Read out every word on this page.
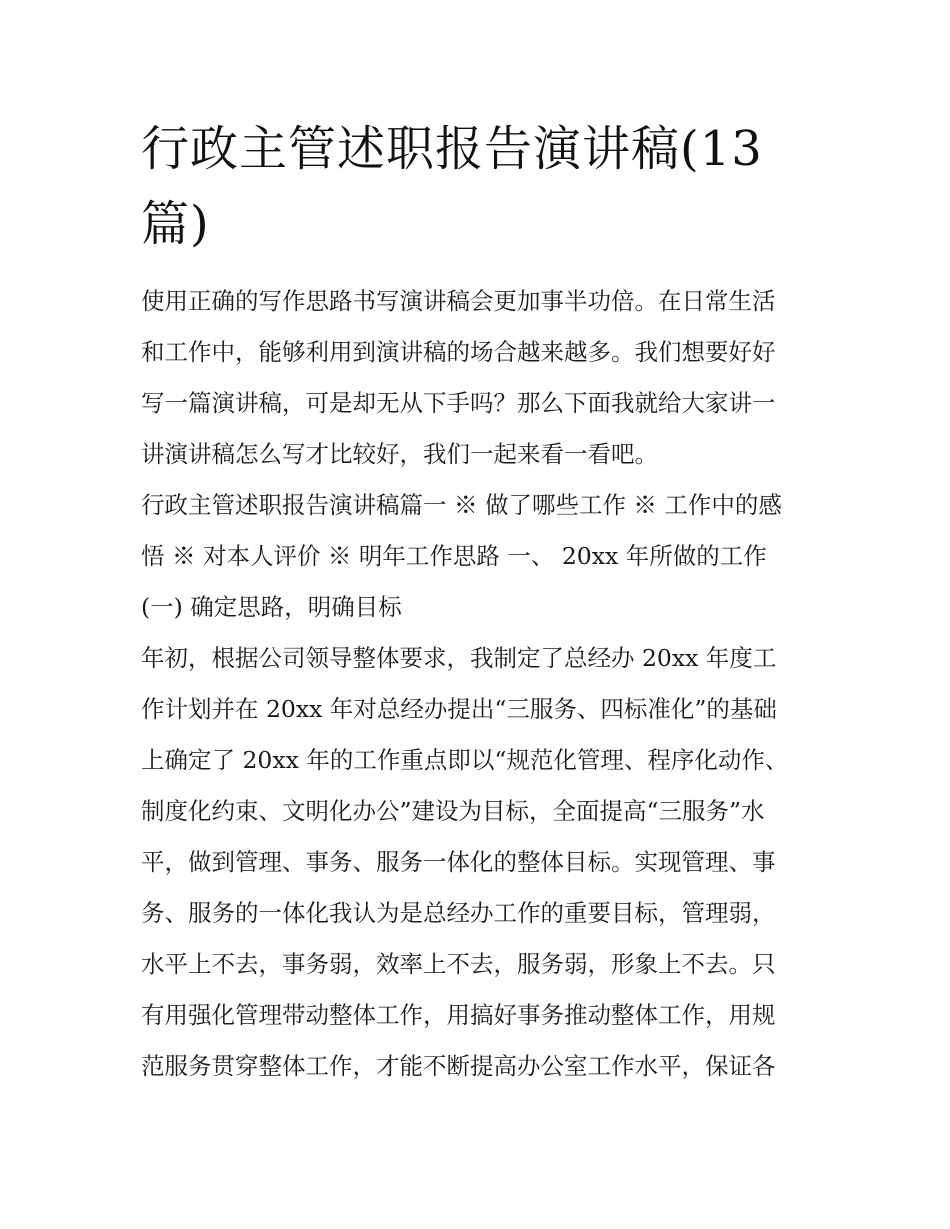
行政主管述职报告演讲稿(13
篇)

使用正确的写作思路书写演讲稿会更加事半功倍。在日常生活
和工作中，能够利用到演讲稿的场合越来越多。我们想要好好
写一篇演讲稿，可是却无从下手吗？那么下面我就给大家讲一
讲演讲稿怎么写才比较好，我们一起来看一看吧。

行政主管述职报告演讲稿篇一 ※ 做了哪些工作 ※ 工作中的感
悟 ※ 对本人评价 ※ 明年工作思路 一、 20xx 年所做的工作

(一) 确定思路，明确目标

年初，根据公司领导整体要求，我制定了总经办 20xx 年度工
作计划并在 20xx 年对总经办提出“三服务、四标准化”的基础
上确定了 20xx 年的工作重点即以“规范化管理、程序化动作、
制度化约束、文明化办公”建设为目标，全面提高“三服务”水
平，做到管理、事务、服务一体化的整体目标。实现管理、事
务、服务的一体化我认为是总经办工作的重要目标，管理弱，
水平上不去，事务弱，效率上不去，服务弱，形象上不去。只
有用强化管理带动整体工作，用搞好事务推动整体工作，用规
范服务贯穿整体工作，才能不断提高办公室工作水平，保证各
